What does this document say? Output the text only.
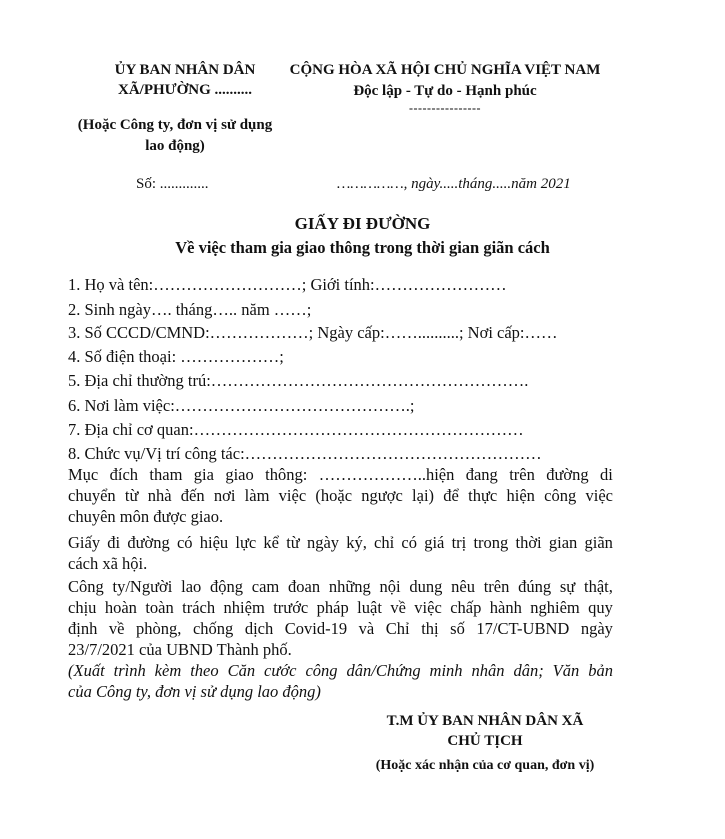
ỦY BAN NHÂN DÂN
XÃ/PHƯỜNG ..........
(Hoặc Công ty, đơn vị sử dụng
lao động)
Số: .............
CỘNG HÒA XÃ HỘI CHỦ NGHĨA VIỆT NAM
Độc lập - Tự do - Hạnh phúc
----------------
……………, ngày.....tháng.....năm 2021
GIẤY ĐI ĐƯỜNG
Về việc tham gia giao thông trong thời gian giãn cách
1. Họ và tên:………………………; Giới tính:……………………
2. Sinh ngày…. tháng….. năm ……;
3. Số CCCD/CMND:………………; Ngày cấp:……..........; Nơi cấp:……
4. Số điện thoại: ………………;
5. Địa chỉ thường trú:………………………………………………….
6. Nơi làm việc:…………………………………….;
7. Địa chỉ cơ quan:……………………………………………………
8. Chức vụ/Vị trí công tác:………………………………………………
Mục đích tham gia giao thông: ………………..hiện đang trên đường di
chuyển từ nhà đến nơi làm việc (hoặc ngược lại) để thực hiện công việc
chuyên môn được giao.
Giấy đi đường có hiệu lực kể từ ngày ký, chỉ có giá trị trong thời gian giãn
cách xã hội.
Công ty/Người lao động cam đoan những nội dung nêu trên đúng sự thật,
chịu hoàn toàn trách nhiệm trước pháp luật về việc chấp hành nghiêm quy
định về phòng, chống dịch Covid-19 và Chỉ thị số 17/CT-UBND ngày
23/7/2021 của UBND Thành phố.
(Xuất trình kèm theo Căn cước công dân/Chứng minh nhân dân; Văn bản
của Công ty, đơn vị sử dụng lao động)
T.M ỦY BAN NHÂN DÂN XÃ
CHỦ TỊCH
(Hoặc xác nhận của cơ quan, đơn vị)
